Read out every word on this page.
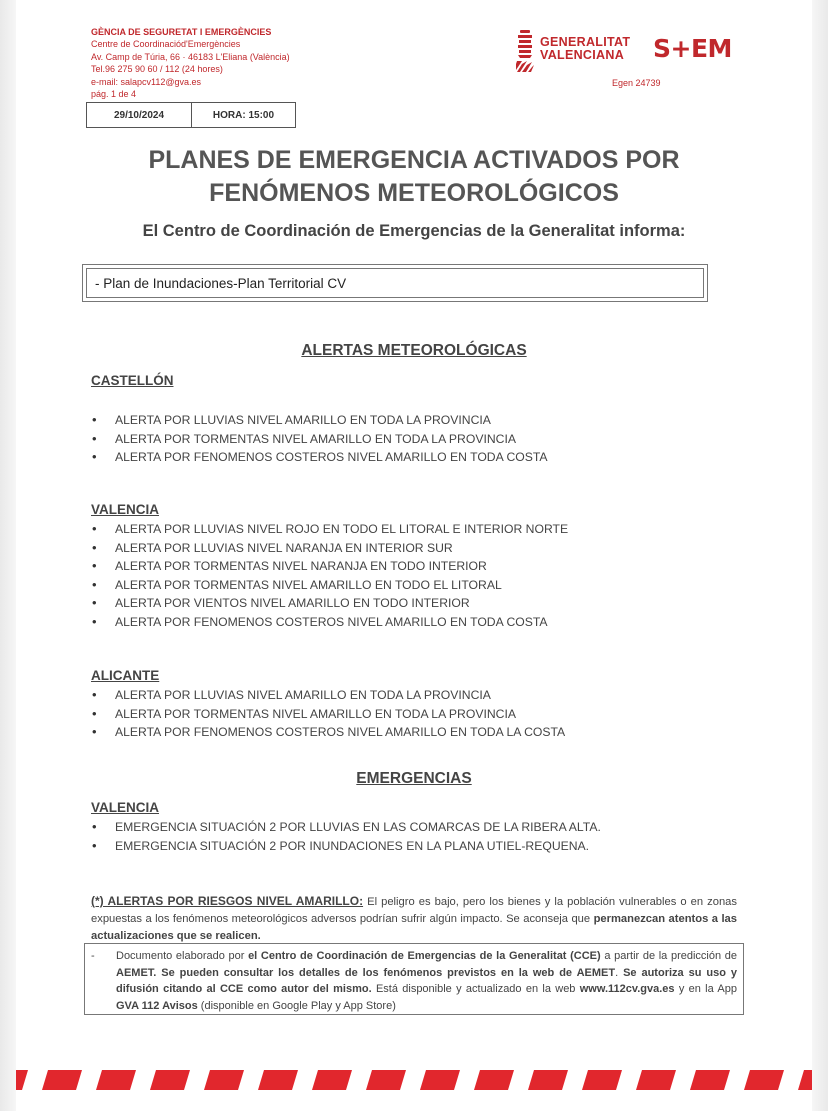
GÈNCIA DE SEGURETAT I EMERGÈNCIES
Centre de Coordinaciód'Emergències
Av. Camp de Túria, 66 · 46183 L'Eliana (València)
Tel.96 275 90 60 / 112 (24 hores)
e-mail: salapcv112@gva.es
pág. 1 de 4
29/10/2024	HORA: 15:00
GENERALITAT
VALENCIANA S+EM
Egen 24739
PLANES DE EMERGENCIA ACTIVADOS POR
FENÓMENOS METEOROLÓGICOS
El Centro de Coordinación de Emergencias de la Generalitat informa:
- Plan de Inundaciones-Plan Territorial CV
ALERTAS METEOROLÓGICAS
CASTELLÓN
• ALERTA POR LLUVIAS NIVEL AMARILLO EN TODA LA PROVINCIA
• ALERTA POR TORMENTAS NIVEL AMARILLO EN TODA LA PROVINCIA
• ALERTA POR FENOMENOS COSTEROS NIVEL AMARILLO EN TODA COSTA
VALENCIA
• ALERTA POR LLUVIAS NIVEL ROJO EN TODO EL LITORAL E INTERIOR NORTE
• ALERTA POR LLUVIAS NIVEL NARANJA EN INTERIOR SUR
• ALERTA POR TORMENTAS NIVEL NARANJA EN TODO INTERIOR
• ALERTA POR TORMENTAS NIVEL AMARILLO EN TODO EL LITORAL
• ALERTA POR VIENTOS NIVEL AMARILLO EN TODO INTERIOR
• ALERTA POR FENOMENOS COSTEROS NIVEL AMARILLO EN TODA COSTA
ALICANTE
• ALERTA POR LLUVIAS NIVEL AMARILLO EN TODA LA PROVINCIA
• ALERTA POR TORMENTAS NIVEL AMARILLO EN TODA LA PROVINCIA
• ALERTA POR FENOMENOS COSTEROS NIVEL AMARILLO EN TODA LA COSTA
EMERGENCIAS
VALENCIA
• EMERGENCIA SITUACIÓN 2 POR LLUVIAS EN LAS COMARCAS DE LA RIBERA ALTA.
• EMERGENCIA SITUACIÓN 2 POR INUNDACIONES EN LA PLANA UTIEL-REQUENA.
(*) ALERTAS POR RIESGOS NIVEL AMARILLO: El peligro es bajo, pero los bienes y la población vulnerables o en zonas expuestas a los fenómenos meteorológicos adversos podrían sufrir algún impacto. Se aconseja que permanezcan atentos a las actualizaciones que se realicen.
- Documento elaborado por el Centro de Coordinación de Emergencias de la Generalitat (CCE) a partir de la predicción de AEMET. Se pueden consultar los detalles de los fenómenos previstos en la web de AEMET. Se autoriza su uso y difusión citando al CCE como autor del mismo. Está disponible y actualizado en la web www.112cv.gva.es y en la App GVA 112 Avisos (disponible en Google Play y App Store)
